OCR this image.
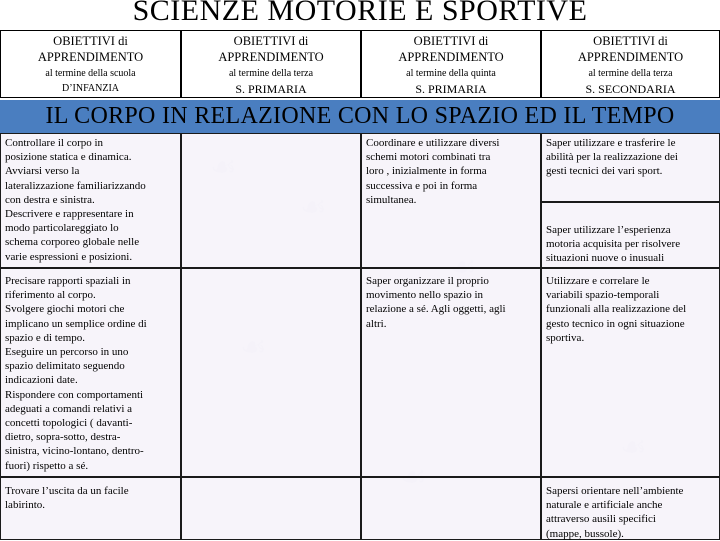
SCIENZE MOTORIE E SPORTIVE
OBIETTIVI di
APPRENDIMENTO
al termine della scuola
D’INFANZIA
OBIETTIVI di
APPRENDIMENTO
al termine della terza
S. PRIMARIA
OBIETTIVI di
APPRENDIMENTO
al termine della quinta
S. PRIMARIA
OBIETTIVI di
APPRENDIMENTO
al termine della terza
S. SECONDARIA
IL CORPO IN RELAZIONE CON LO SPAZIO ED IL TEMPO
Controllare il corpo in
posizione statica e dinamica.
Avviarsi verso la
lateralizzazione familiarizzando
con destra e sinistra.
Descrivere e rappresentare in
modo particolareggiato lo
schema corporeo globale nelle
varie espressioni e posizioni.
Coordinare e utilizzare diversi
schemi motori combinati tra
loro , inizialmente in forma
successiva e poi in forma
simultanea.
Saper utilizzare e trasferire le
abilità per la realizzazione dei
gesti tecnici dei vari sport.
Saper utilizzare l’esperienza
motoria acquisita per risolvere
situazioni nuove o inusuali
Precisare rapporti spaziali in
riferimento al corpo.
Svolgere giochi motori che
implicano un semplice ordine di
spazio e di tempo.
Eseguire un percorso in uno
spazio delimitato seguendo
indicazioni date.
Rispondere con comportamenti
adeguati a comandi relativi a
concetti topologici ( davanti-
dietro, sopra-sotto, destra-
sinistra, vicino-lontano, dentro-
fuori) rispetto a sé.
Saper organizzare il proprio
movimento nello spazio in
relazione a sé. Agli oggetti, agli
altri.
Utilizzare e correlare le
variabili spazio-temporali
funzionali alla realizzazione del
gesto tecnico in ogni situazione
sportiva.
Trovare l’uscita da un facile
labirinto.
Sapersi orientare nell’ambiente
naturale e artificiale anche
attraverso ausili specifici
(mappe, bussole).
